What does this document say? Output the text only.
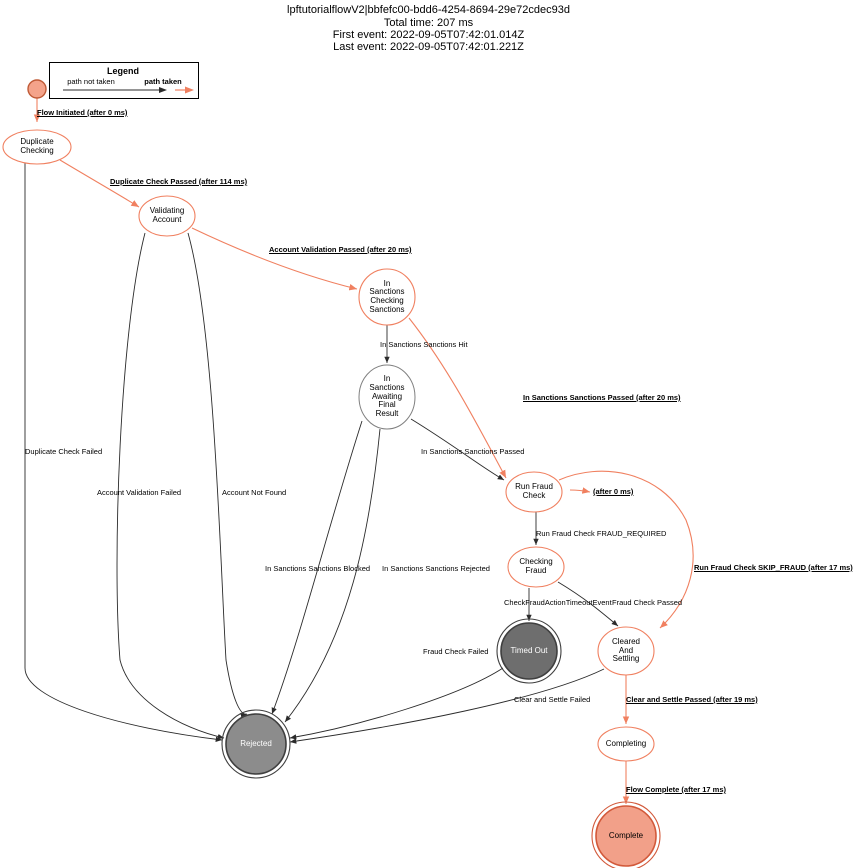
lpftutorialflowV2|bbfefc00-bdd6-4254-8694-29e72cdec93d
Total time: 207 ms
First event: 2022-09-05T07:42:01.014Z
Last event: 2022-09-05T07:42:01.221Z
Legend
path not taken	path taken
Duplicate
Checking
Validating
Account
In
Sanctions
Checking
Sanctions
In
Sanctions
Awaiting
Final
Result
Run Fraud
Check
Checking
Fraud
Timed Out
Cleared
And
Settling
Rejected	Completing
Complete
Flow Initiated (after 0 ms)
Duplicate Check Passed (after 114 ms)
Account Validation Passed (after 20 ms)
In Sanctions Sanctions Hit
In Sanctions Sanctions Passed (after 20 ms)
Duplicate Check Failed
Account Validation Failed	Account Not Found
In Sanctions Sanctions Passed
(after 0 ms)
Run Fraud Check FRAUD_REQUIRED
Run Fraud Check SKIP_FRAUD (after 17 ms)
In Sanctions Sanctions Blocked In Sanctions Sanctions Rejected
CheckFraudActionTimeoutEvent Fraud Check Passed
Fraud Check Failed
Clear and Settle Failed	Clear and Settle Passed (after 19 ms)
Flow Complete (after 17 ms)
